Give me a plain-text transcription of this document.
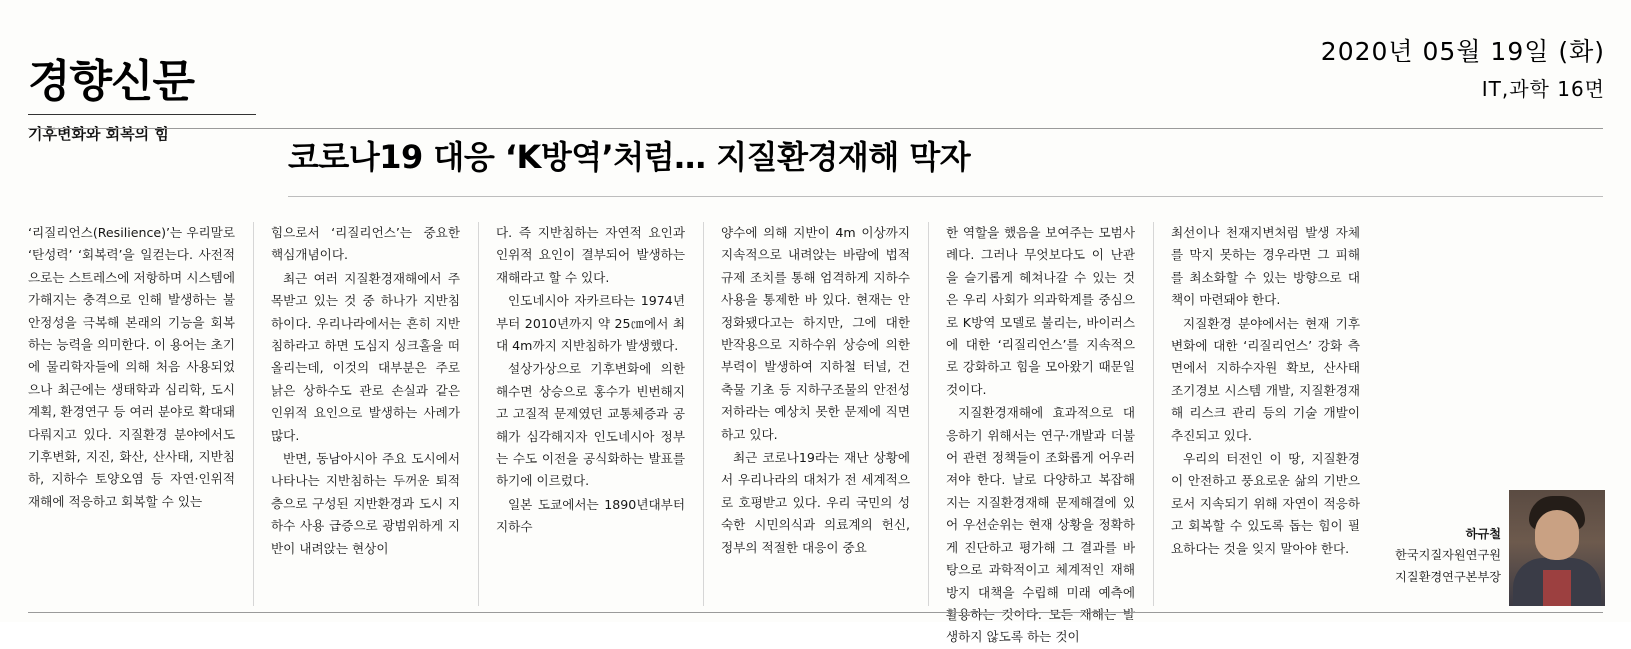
경향신문
기후변화와 회복의 힘
2020년 05월 19일 (화)
IT,과학 16면
코로나19 대응 ‘K방역’처럼… 지질환경재해 막자

‘리질리언스(Resilience)’는 우리말로 ‘탄성력’ ‘회복력’을 일컫는다. 사전적으로는 스트레스에 저항하며 시스템에 가해지는 충격으로 인해 발생하는 불안정성을 극복해 본래의 기능을 회복하는 능력을 의미한다. 이 용어는 초기에 물리학자들에 의해 처음 사용되었으나 최근에는 생태학과 심리학, 도시계획, 환경연구 등 여러 분야로 확대돼 다뤄지고 있다. 지질환경 분야에서도 기후변화, 지진, 화산, 산사태, 지반침하, 지하수 토양오염 등 자연·인위적 재해에 적응하고 회복할 수 있는

힘으로서 ‘리질리언스’는 중요한 핵심개념이다.

최근 여러 지질환경재해에서 주목받고 있는 것 중 하나가 지반침하이다. 우리나라에서는 흔히 지반침하라고 하면 도심지 싱크홀을 떠올리는데, 이것의 대부분은 주로 낡은 상하수도 관로 손실과 같은 인위적 요인으로 발생하는 사례가 많다.

반면, 동남아시아 주요 도시에서 나타나는 지반침하는 두꺼운 퇴적층으로 구성된 지반환경과 도시 지하수 사용 급증으로 광범위하게 지반이 내려앉는 현상이

다. 즉 지반침하는 자연적 요인과 인위적 요인이 결부되어 발생하는 재해라고 할 수 있다.

인도네시아 자카르타는 1974년부터 2010년까지 약 25㎝에서 최대 4m까지 지반침하가 발생했다.

설상가상으로 기후변화에 의한 해수면 상승으로 홍수가 빈번해지고 고질적 문제였던 교통체증과 공해가 심각해지자 인도네시아 정부는 수도 이전을 공식화하는 발표를 하기에 이르렀다.

일본 도쿄에서는 1890년대부터 지하수

양수에 의해 지반이 4m 이상까지 지속적으로 내려앉는 바람에 법적 규제 조치를 통해 엄격하게 지하수 사용을 통제한 바 있다. 현재는 안정화됐다고는 하지만, 그에 대한 반작용으로 지하수위 상승에 의한 부력이 발생하여 지하철 터널, 건축물 기초 등 지하구조물의 안전성 저하라는 예상치 못한 문제에 직면하고 있다.

최근 코로나19라는 재난 상황에서 우리나라의 대처가 전 세계적으로 호평받고 있다. 우리 국민의 성숙한 시민의식과 의료계의 헌신, 정부의 적절한 대응이 중요

한 역할을 했음을 보여주는 모범사례다. 그러나 무엇보다도 이 난관을 슬기롭게 헤쳐나갈 수 있는 것은 우리 사회가 의과학계를 중심으로 K방역 모델로 불리는, 바이러스에 대한 ‘리질리언스’를 지속적으로 강화하고 힘을 모아왔기 때문일 것이다.

지질환경재해에 효과적으로 대응하기 위해서는 연구·개발과 더불어 관련 정책들이 조화롭게 어우러져야 한다. 날로 다양하고 복잡해지는 지질환경재해 문제해결에 있어 우선순위는 현재 상황을 정확하게 진단하고 평가해 그 결과를 바탕으로 과학적이고 체계적인 재해 방지 대책을 수립해 미래 예측에 활용하는 것이다. 모든 재해는 발생하지 않도록 하는 것이

최선이나 천재지변처럼 발생 자체를 막지 못하는 경우라면 그 피해를 최소화할 수 있는 방향으로 대책이 마련돼야 한다.

지질환경 분야에서는 현재 기후변화에 대한 ‘리질리언스’ 강화 측면에서 지하수자원 확보, 산사태 조기경보 시스템 개발, 지질환경재해 리스크 관리 등의 기술 개발이 추진되고 있다.

우리의 터전인 이 땅, 지질환경이 안전하고 풍요로운 삶의 기반으로서 지속되기 위해 자연이 적응하고 회복할 수 있도록 돕는 힘이 필요하다는 것을 잊지 말아야 한다.

하규철
한국지질자원연구원
지질환경연구본부장
